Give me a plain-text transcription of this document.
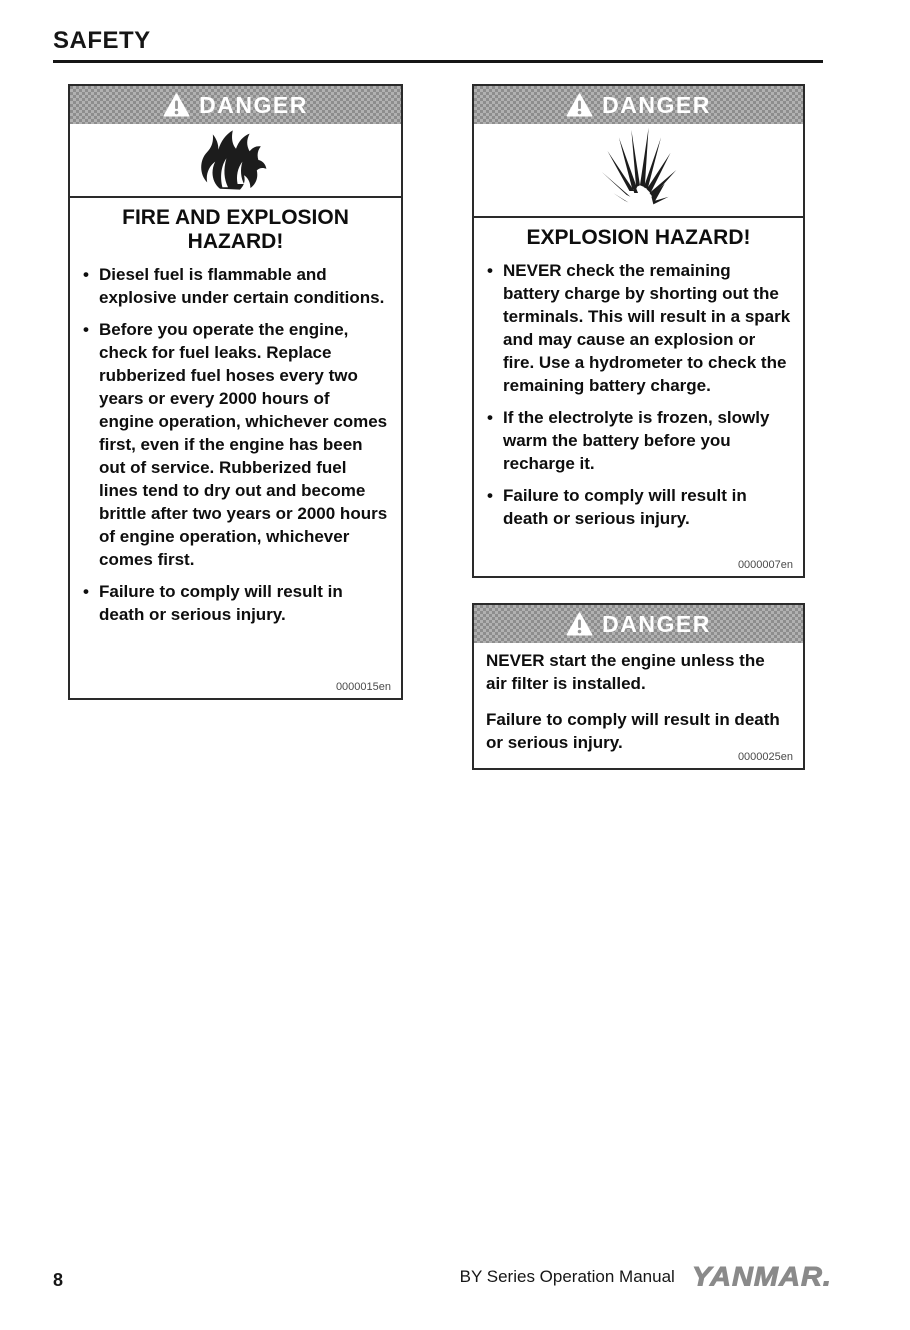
SAFETY
DANGER
FIRE AND EXPLOSION HAZARD!
• Diesel fuel is flammable and explosive under certain conditions.
• Before you operate the engine, check for fuel leaks. Replace rubberized fuel hoses every two years or every 2000 hours of engine operation, whichever comes first, even if the engine has been out of service. Rubberized fuel lines tend to dry out and become brittle after two years or 2000 hours of engine operation, whichever comes first.
• Failure to comply will result in death or serious injury.
0000015en
DANGER
EXPLOSION HAZARD!
• NEVER check the remaining battery charge by shorting out the terminals. This will result in a spark and may cause an explosion or fire. Use a hydrometer to check the remaining battery charge.
• If the electrolyte is frozen, slowly warm the battery before you recharge it.
• Failure to comply will result in death or serious injury.
0000007en
DANGER
NEVER start the engine unless the air filter is installed.
Failure to comply will result in death or serious injury.
0000025en
8	BY Series Operation Manual YANMAR.
